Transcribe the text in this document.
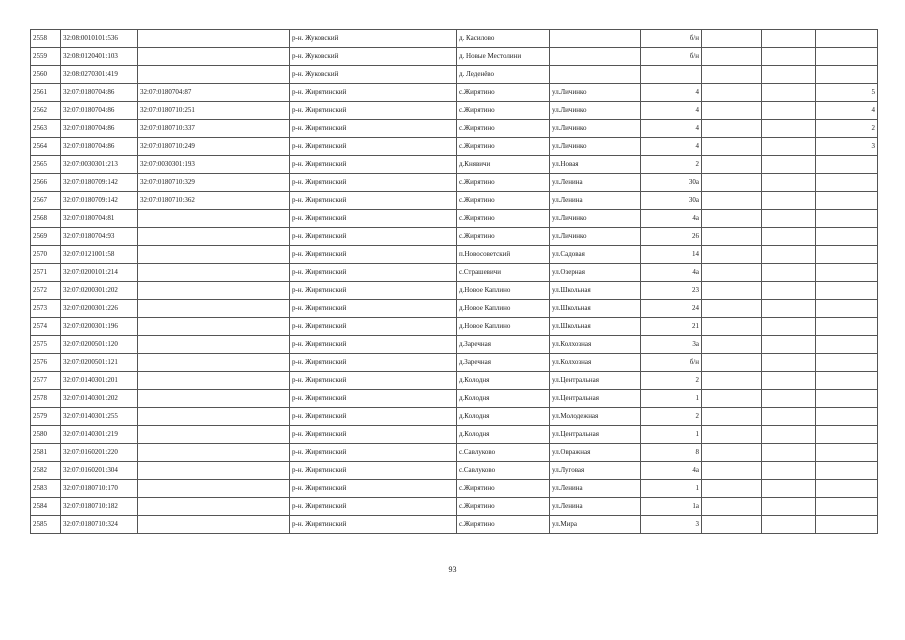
2558	32:08:0010101:536		р-н. Жуковский	д. Касилово		б/н			
2559	32:08:0120401:103		р-н. Жуковский	д. Новые Местолини		б/н			
2560	32:08:0270301:419		р-н. Жуковский	д. Леденёво					
2561	32:07:0180704:86	32:07:0180704:87	р-н. Жирятинский	с.Жирятино	ул.Личинко	4			5
2562	32:07:0180704:86	32:07:0180710:251	р-н. Жирятинский	с.Жирятино	ул.Личинко	4			4
2563	32:07:0180704:86	32:07:0180710:337	р-н. Жирятинский	с.Жирятино	ул.Личинко	4			2
2564	32:07:0180704:86	32:07:0180710:249	р-н. Жирятинский	с.Жирятино	ул.Личинко	4			3
2565	32:07:0030301:213	32:07:0030301:193	р-н. Жирятинский	д.Княвичи	ул.Новая	2			
2566	32:07:0180709:142	32:07:0180710:329	р-н. Жирятинский	с.Жирятино	ул.Ленина	30а			
2567	32:07:0180709:142	32:07:0180710:362	р-н. Жирятинский	с.Жирятино	ул.Ленина	30а			
2568	32:07:0180704:81		р-н. Жирятинский	с.Жирятино	ул.Личинко	4а			
2569	32:07:0180704:93		р-н. Жирятинский	с.Жирятино	ул.Личинко	26			
2570	32:07:0121001:58		р-н. Жирятинский	п.Новосоветский	ул.Садовая	14			
2571	32:07:0200101:214		р-н. Жирятинский	с.Страшевичи	ул.Озерная	4а			
2572	32:07:0200301:202		р-н. Жирятинский	д.Новое Каплино	ул.Школьная	23			
2573	32:07:0200301:226		р-н. Жирятинский	д.Новое Каплино	ул.Школьная	24			
2574	32:07:0200301:196		р-н. Жирятинский	д.Новое Каплино	ул.Школьная	21			
2575	32:07:0200501:120		р-н. Жирятинский	д.Заречная	ул.Колхозная	3а			
2576	32:07:0200501:121		р-н. Жирятинский	д.Заречная	ул.Колхозная	б/н			
2577	32:07:0140301:201		р-н. Жирятинский	д.Колодня	ул.Центральная	2			
2578	32:07:0140301:202		р-н. Жирятинский	д.Колодня	ул.Центральная	1			
2579	32:07:0140301:255		р-н. Жирятинский	д.Колодня	ул.Молодежная	2			
2580	32:07:0140301:219		р-н. Жирятинский	д.Колодня	ул.Центральная	1			
2581	32:07:0160201:220		р-н. Жирятинский	с.Савлуково	ул.Овражная	8			
2582	32:07:0160201:304		р-н. Жирятинский	с.Савлуково	ул.Луговая	4а			
2583	32:07:0180710:170		р-н. Жирятинский	с.Жирятино	ул.Ленина	1			
2584	32:07:0180710:182		р-н. Жирятинский	с.Жирятино	ул.Ленина	1а			
2585	32:07:0180710:324		р-н. Жирятинский	с.Жирятино	ул.Мира	3			
93
